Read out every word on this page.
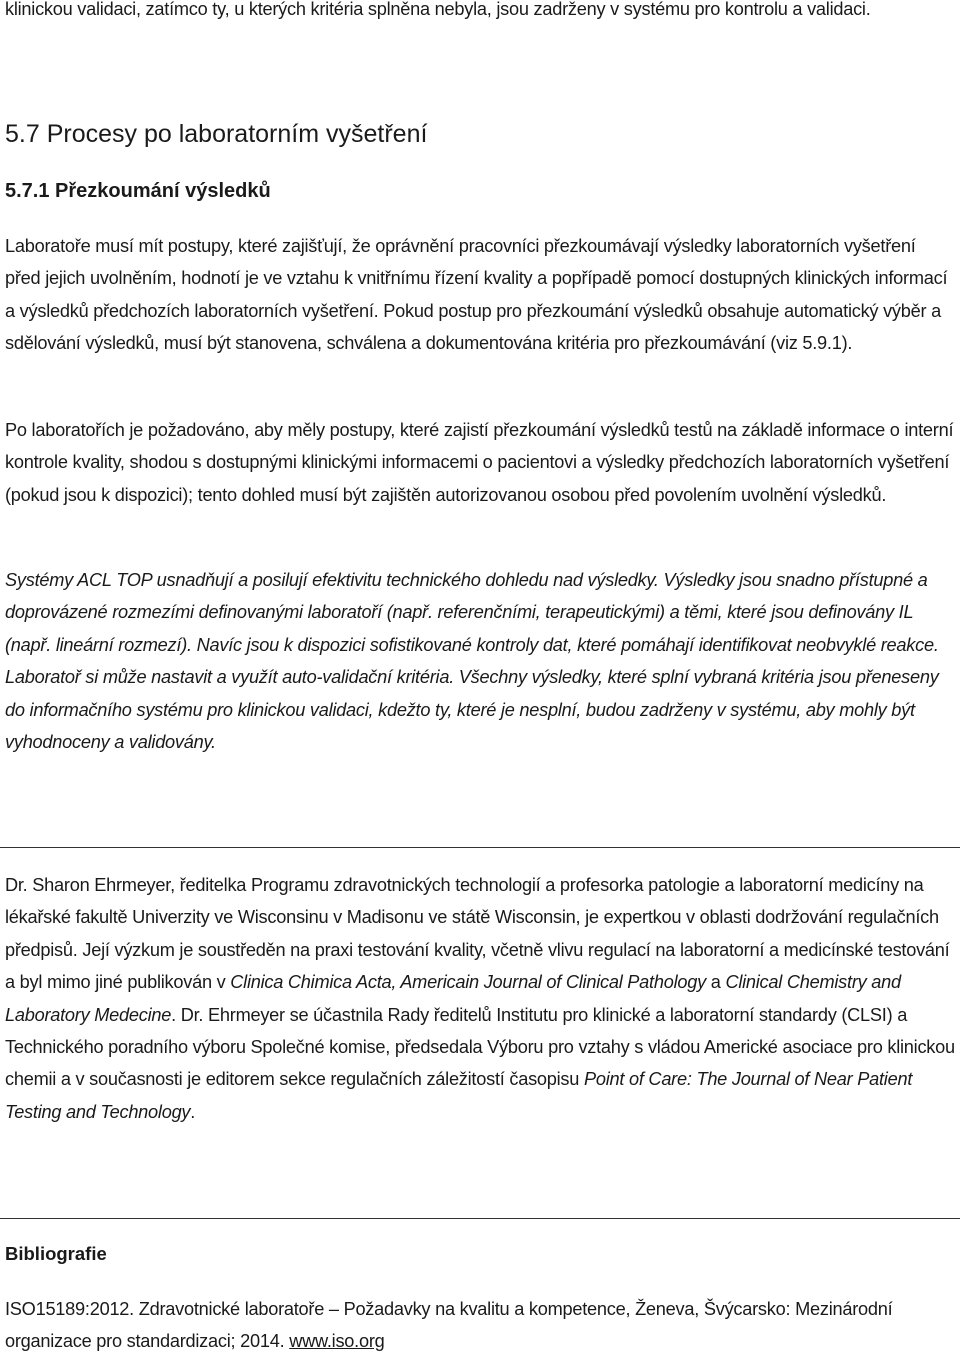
klinickou validaci, zatímco ty, u kterých kritéria splněna nebyla, jsou zadrženy v systému pro kontrolu a validaci.

5.7 Procesy po laboratorním vyšetření
5.7.1 Přezkoumání výsledků

Laboratoře musí mít postupy, které zajišťují, že oprávnění pracovníci přezkoumávají výsledky laboratorních vyšetření před jejich uvolněním, hodnotí je ve vztahu k vnitřnímu řízení kvality a popřípadě pomocí dostupných klinických informací a výsledků předchozích laboratorních vyšetření. Pokud postup pro přezkoumání výsledků obsahuje automatický výběr a sdělování výsledků, musí být stanovena, schválena a dokumentována kritéria pro přezkoumávání (viz 5.9.1).

Po laboratořích je požadováno, aby měly postupy, které zajistí přezkoumání výsledků testů na základě informace o interní kontrole kvality, shodou s dostupnými klinickými informacemi o pacientovi a výsledky předchozích laboratorních vyšetření (pokud jsou k dispozici); tento dohled musí být zajištěn autorizovanou osobou před povolením uvolnění výsledků.

Systémy ACL TOP usnadňují a posilují efektivitu technického dohledu nad výsledky. Výsledky jsou snadno přístupné a doprovázené rozmezími definovanými laboratoří (např. referenčními, terapeutickými) a těmi, které jsou definovány IL (např. lineární rozmezí). Navíc jsou k dispozici sofistikované kontroly dat, které pomáhají identifikovat neobvyklé reakce. Laboratoř si může nastavit a využít auto-validační kritéria. Všechny výsledky, které splní vybraná kritéria jsou přeneseny do informačního systému pro klinickou validaci, kdežto ty, které je nesplní, budou zadrženy v systému, aby mohly být vyhodnoceny a validovány.

Dr. Sharon Ehrmeyer, ředitelka Programu zdravotnických technologií a profesorka patologie a laboratorní medicíny na lékařské fakultě Univerzity ve Wisconsinu v Madisonu ve státě Wisconsin, je expertkou v oblasti dodržování regulačních předpisů. Její výzkum je soustředěn na praxi testování kvality, včetně vlivu regulací na laboratorní a medicínské testování a byl mimo jiné publikován v Clinica Chimica Acta, Americain Journal of Clinical Pathology a Clinical Chemistry and Laboratory Medecine. Dr. Ehrmeyer se účastnila Rady ředitelů Institutu pro klinické a laboratorní standardy (CLSI) a Technického poradního výboru Společné komise, předsedala Výboru pro vztahy s vládou Americké asociace pro klinickou chemii a v současnosti je editorem sekce regulačních záležitostí časopisu Point of Care: The Journal of Near Patient Testing and Technology.

Bibliografie

ISO15189:2012. Zdravotnické laboratoře – Požadavky na kvalitu a kompetence, Ženeva, Švýcarsko: Mezinárodní organizace pro standardizaci; 2014. www.iso.org
